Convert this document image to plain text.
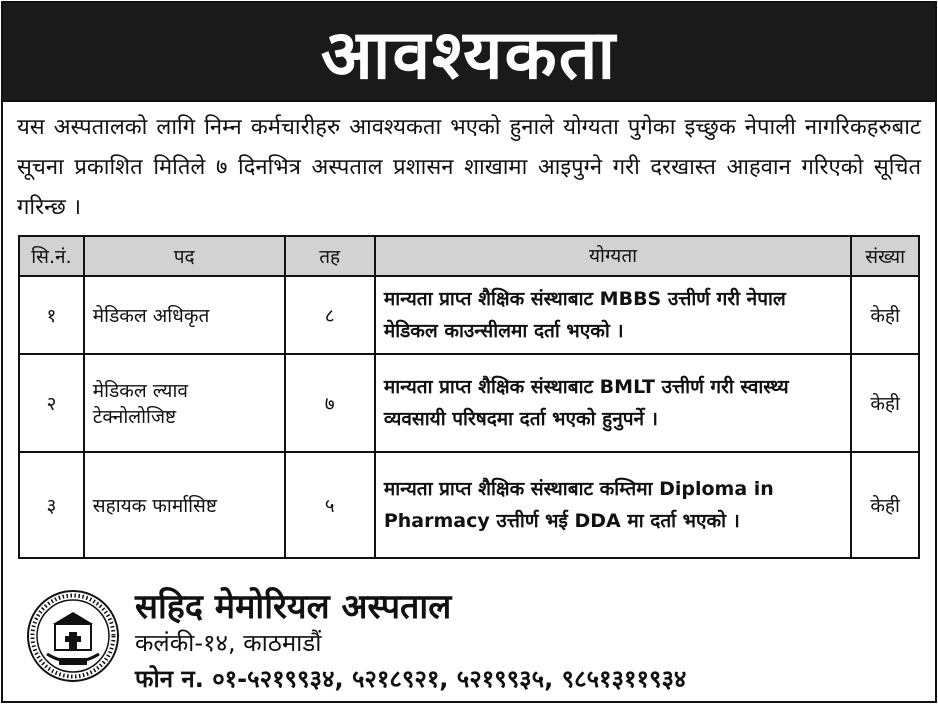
आवश्यकता
यस अस्पतालको लागि निम्न कर्मचारीहरु आवश्यकता भएको हुनाले योग्यता पुगेका इच्छुक नेपाली नागरिकहरुबाट सूचना प्रकाशित मितिले ७ दिनभित्र अस्पताल प्रशासन शाखामा आइपुग्ने गरी दरखास्त आहवान गरिएको सूचित गरिन्छ ।
सि.नं.	पद	तह	योग्यता	संख्या
१	मेडिकल अधिकृत	८	मान्यता प्राप्त शैक्षिक संस्थाबाट MBBS उत्तीर्ण गरी नेपाल मेडिकल काउन्सीलमा दर्ता भएको ।	केही
२	मेडिकल ल्याव टेक्नोलोजिष्ट	७	मान्यता प्राप्त शैक्षिक संस्थाबाट BMLT उत्तीर्ण गरी स्वास्थ्य व्यवसायी परिषदमा दर्ता भएको हुनुपर्ने ।	केही
३	सहायक फार्मासिष्ट	५	मान्यता प्राप्त शैक्षिक संस्थाबाट कम्तिमा Diploma in Pharmacy उत्तीर्ण भई DDA मा दर्ता भएको ।	केही
सहिद मेमोरियल अस्पताल
कलंकी-१४, काठमाडौं
फोन न. ०१-५२१९९३४, ५२१८९२१, ५२१९९३५, ९८५१३११९३४
